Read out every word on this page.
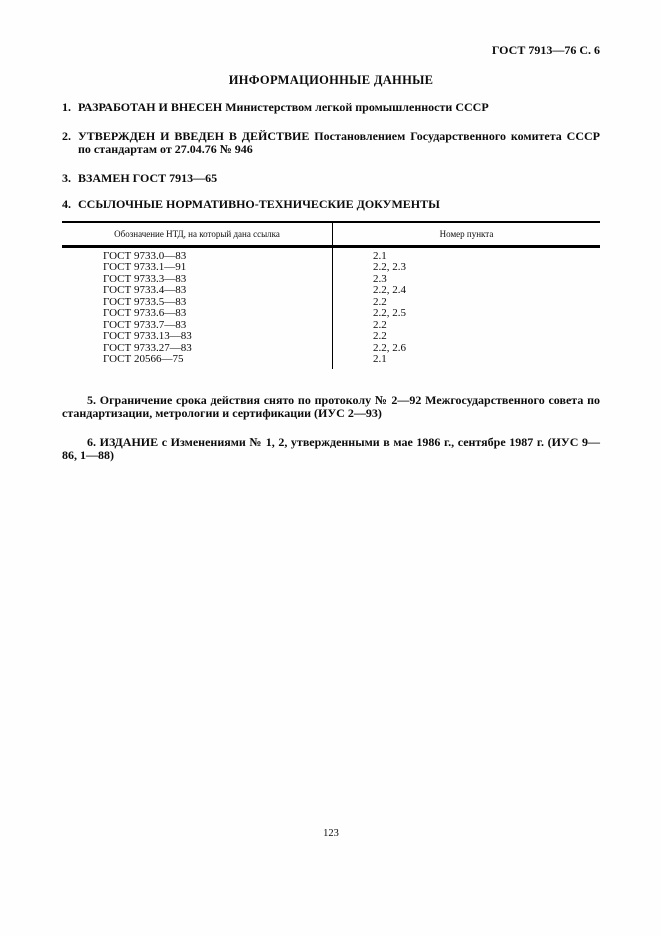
ГОСТ 7913—76 С. 6
ИНФОРМАЦИОННЫЕ ДАННЫЕ
1. РАЗРАБОТАН И ВНЕСЕН Министерством легкой промышленности СССР
2. УТВЕРЖДЕН И ВВЕДЕН В ДЕЙСТВИЕ Постановлением Государственного комитета СССР по стандартам от 27.04.76 № 946
3. ВЗАМЕН ГОСТ 7913—65
4. ССЫЛОЧНЫЕ НОРМАТИВНО-ТЕХНИЧЕСКИЕ ДОКУМЕНТЫ
Обозначение НТД, на который дана ссылка	Номер пункта
ГОСТ 9733.0—83	2.1
ГОСТ 9733.1—91	2.2, 2.3
ГОСТ 9733.3—83	2.3
ГОСТ 9733.4—83	2.2, 2.4
ГОСТ 9733.5—83	2.2
ГОСТ 9733.6—83	2.2, 2.5
ГОСТ 9733.7—83	2.2
ГОСТ 9733.13—83	2.2
ГОСТ 9733.27—83	2.2, 2.6
ГОСТ 20566—75	2.1
5. Ограничение срока действия снято по протоколу № 2—92 Межгосударственного совета по стандартизации, метрологии и сертификации (ИУС 2—93)
6. ИЗДАНИЕ с Изменениями № 1, 2, утвержденными в мае 1986 г., сентябре 1987 г. (ИУС 9—86, 1—88)
123
